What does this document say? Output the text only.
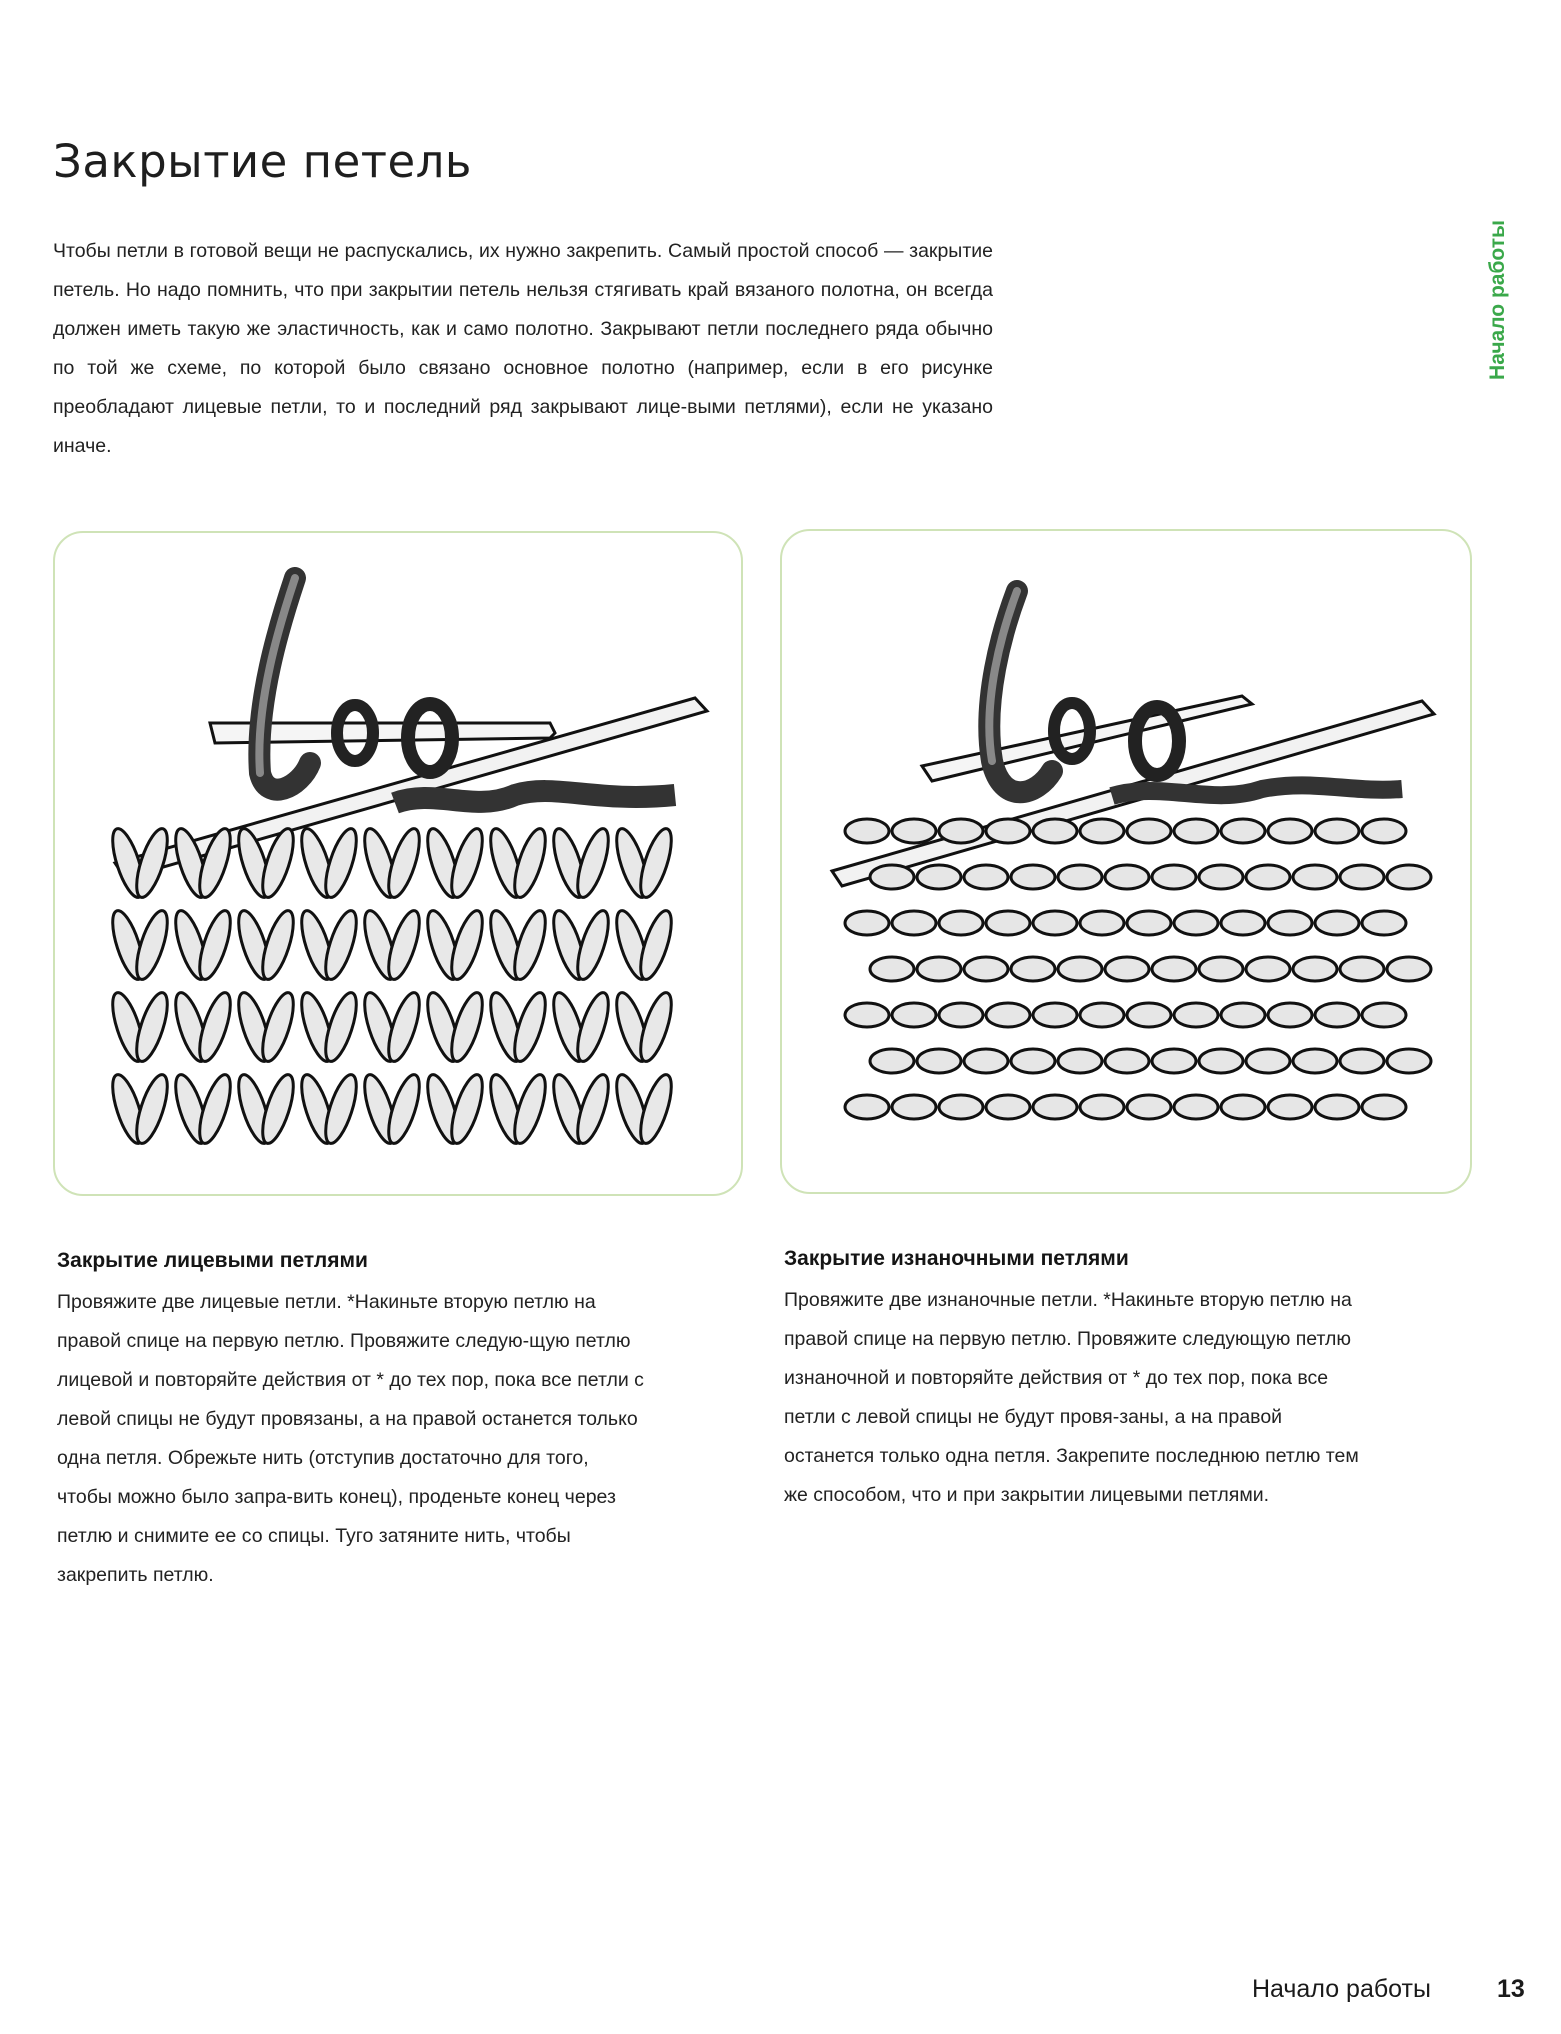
Закрытие петель

Чтобы петли в готовой вещи не распускались, их нужно закрепить. Самый простой способ — закрытие петель. Но надо помнить, что при закрытии петель нельзя стягивать край вязаного полотна, он всегда должен иметь такую же эластичность, как и само полотно. Закрывают петли последнего ряда обычно по той же схеме, по которой было связано основное полотно (например, если в его рисунке преобладают лицевые петли, то и последний ряд закрывают лице-выми петлями), если не указано иначе.

Начало работы
Закрытие лицевыми петлями

Провяжите две лицевые петли. *Накиньте вторую петлю на правой спице на первую петлю. Провяжите следую-щую петлю лицевой и повторяйте действия от * до тех пор, пока все петли с левой спицы не будут провязаны, а на правой останется только одна петля. Обрежьте нить (отступив достаточно для того, чтобы можно было запра-вить конец), проденьте конец через петлю и снимите ее со спицы. Туго затяните нить, чтобы закрепить петлю.

Закрытие изнаночными петлями

Провяжите две изнаночные петли. *Накиньте вторую петлю на правой спице на первую петлю. Провяжите следующую петлю изнаночной и повторяйте действия от * до тех пор, пока все петли с левой спицы не будут провя-заны, а на правой останется только одна петля. Закрепите последнюю петлю тем же способом, что и при закрытии лицевыми петлями.

Начало работы	13
